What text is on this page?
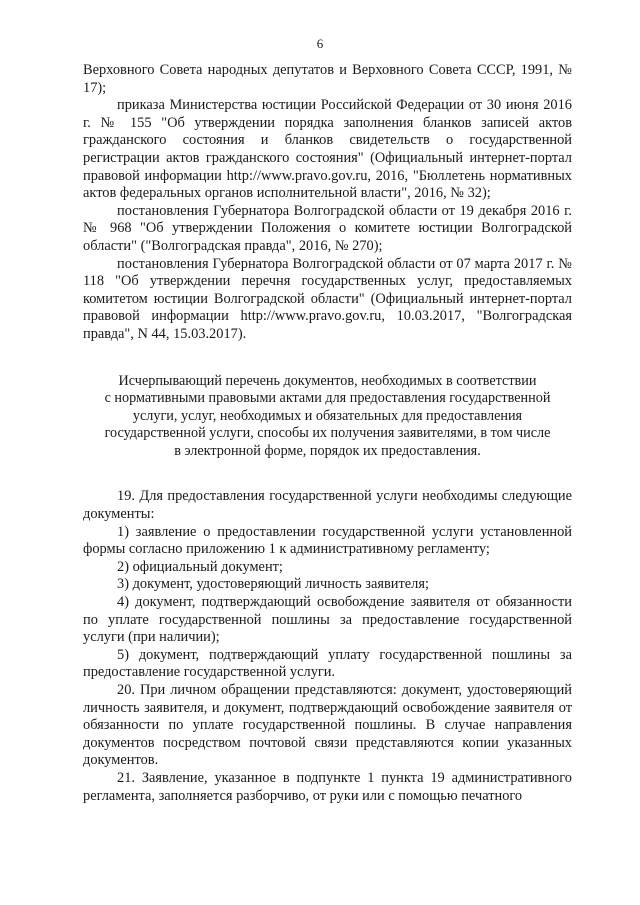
6

Верховного Совета народных депутатов и Верховного Совета СССР, 1991, № 17);

приказа Министерства юстиции Российской Федерации от 30 июня 2016 г. № 155 "Об утверждении порядка заполнения бланков записей актов гражданского состояния и бланков свидетельств о государственной регистрации актов гражданского состояния" (Официальный интернет-портал правовой информации http://www.pravo.gov.ru, 2016, "Бюллетень нормативных актов федеральных органов исполнительной власти", 2016, № 32);

постановления Губернатора Волгоградской области от 19 декабря 2016 г. № 968 "Об утверждении Положения о комитете юстиции Волгоградской области" ("Волгоградская правда", 2016, № 270);

постановления Губернатора Волгоградской области от 07 марта 2017 г. № 118 "Об утверждении перечня государственных услуг, предоставляемых комитетом юстиции Волгоградской области" (Официальный интернет-портал правовой информации http://www.pravo.gov.ru, 10.03.2017, "Волгоградская правда", N 44, 15.03.2017).

Исчерпывающий перечень документов, необходимых в соответствии
с нормативными правовыми актами для предоставления государственной
услуги, услуг, необходимых и обязательных для предоставления
государственной услуги, способы их получения заявителями, в том числе
в электронной форме, порядок их предоставления.

19. Для предоставления государственной услуги необходимы следующие документы:

1) заявление о предоставлении государственной услуги установленной формы согласно приложению 1 к административному регламенту;

2) официальный документ;

3) документ, удостоверяющий личность заявителя;

4) документ, подтверждающий освобождение заявителя от обязанности по уплате государственной пошлины за предоставление государственной услуги (при наличии);

5) документ, подтверждающий уплату государственной пошлины за предоставление государственной услуги.

20. При личном обращении представляются: документ, удостоверяющий личность заявителя, и документ, подтверждающий освобождение заявителя от обязанности по уплате государственной пошлины. В случае направления документов посредством почтовой связи представляются копии указанных документов.

21. Заявление, указанное в подпункте 1 пункта 19 административного регламента, заполняется разборчиво, от руки или с помощью печатного
